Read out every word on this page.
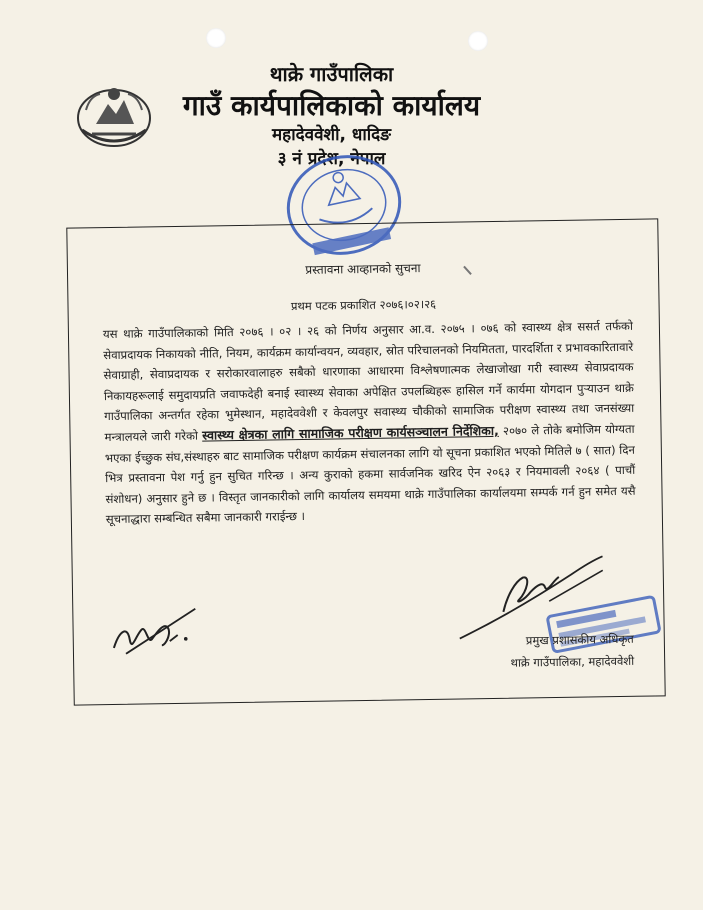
थाक्रे गाउँपालिका
गाउँ कार्यपालिकाको कार्यालय
महादेववेशी, धादिङ
३ नं प्रदेश, नेपाल
प्रस्तावना आव्हानको सुचना
प्रथम पटक प्रकाशित २०७६।०२।२६
यस थाक्रे गाउँपालिकाको मिति २०७६ । ०२ । २६ को निर्णय अनुसार आ.व. २०७५ । ०७६ को स्वास्थ्य क्षेत्र ससर्त तर्फको सेवाप्रदायक निकायको नीति, नियम, कार्यक्रम कार्यान्वयन, व्यवहार, स्रोत परिचालनको नियमितता, पारदर्शिता र प्रभावकारितावारे सेवाग्राही, सेवाप्रदायक र सरोकारवालाहरु सबैको धारणाका आधारमा विश्लेषणात्मक लेखाजोखा गरी स्वास्थ्य सेवाप्रदायक निकायहरूलाई समुदायप्रति जवाफदेही बनाई स्वास्थ्य सेवाका अपेक्षित उपलब्धिहरू हासिल गर्ने कार्यमा योगदान पुऱ्याउन थाक्रे गाउँपालिका अन्तर्गत रहेका भुमेस्थान, महादेववेशी र केवलपुर सवास्थ्य चौकीको सामाजिक परीक्षण स्वास्थ्य तथा जनसंख्या मन्त्रालयले जारी गरेको स्वास्थ्य क्षेत्रका लागि सामाजिक परीक्षण कार्यसञ्चालन निर्देशिका, २०७० ले तोके बमोजिम योग्यता भएका ईच्छुक संघ,संस्थाहरु बाट सामाजिक परीक्षण कार्यक्रम संचालनका लागि यो सूचना प्रकाशित भएको मितिले ७ ( सात) दिन भित्र प्रस्तावना पेश गर्नु हुन सुचित गरिन्छ । अन्य कुराको हकमा सार्वजनिक खरिद ऐन २०६३ र नियमावली २०६४ ( पाचौं संशोधन) अनुसार हुने छ । विस्तृत जानकारीको लागि कार्यालय समयमा थाक्रे गाउँपालिका कार्यालयमा सम्पर्क गर्न हुन समेत यसै सूचनाद्धारा सम्बन्धित सबैमा जानकारी गराईन्छ ।
प्रमुख प्रशासकीय अधिकृत
थाक्रे गाउँपालिका, महादेववेशी
